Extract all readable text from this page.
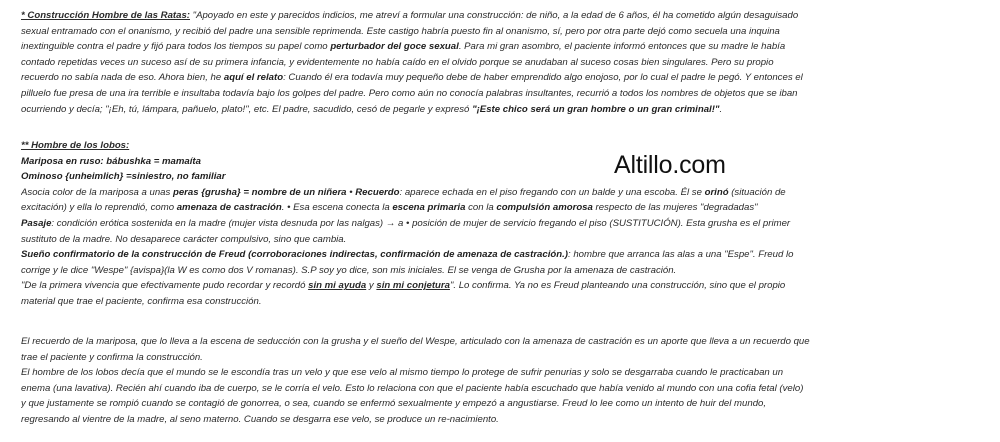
* Construcción Hombre de las Ratas: "Apoyado en este y parecidos indicios, me atreví a formular una construcción: de niño, a la edad de 6 años, él ha cometido algún desaguisado

sexual entramado con el onanismo, y recibió del padre una sensible reprimenda. Este castigo habría puesto fin al onanismo, sí, pero por otra parte dejó como secuela una inquina

inextinguible contra el padre y fijó para todos los tiempos su papel como perturbador del goce sexual. Para mi gran asombro, el paciente informó entonces que su madre le había

contado repetidas veces un suceso así de su primera infancia, y evidentemente no había caído en el olvido porque se anudaban al suceso cosas bien singulares. Pero su propio

recuerdo no sabía nada de eso. Ahora bien, he aquí el relato: Cuando él era todavía muy pequeño debe de haber emprendido algo enojoso, por lo cual el padre le pegó. Y entonces el

pilluelo fue presa de una ira terrible e insultaba todavía bajo los golpes del padre. Pero como aún no conocía palabras insultantes, recurrió a todos los nombres de objetos que se iban

ocurriendo y decía; "¡Eh, tú, lámpara, pañuelo, plato!", etc. El padre, sacudido, cesó de pegarle y expresó "¡Este chico será un gran hombre o un gran criminal!".

** Hombre de los lobos:

Mariposa en ruso: bábushka = mamaíta

Ominoso {unheimlich} =siniestro, no familiar

Asocia color de la mariposa a unas peras {grusha} = nombre de un niñera • Recuerdo: aparece echada en el piso fregando con un balde y una escoba. Él se orinó (situación de

excitación) y ella lo reprendió, como amenaza de castración. • Esa escena conecta la escena primaria con la compulsión amorosa respecto de las mujeres "degradadas"

Pasaje: condición erótica sostenida en la madre (mujer vista desnuda por las nalgas) → a • posición de mujer de servicio fregando el piso (SUSTITUCIÓN). Esta grusha es el primer

sustituto de la madre. No desaparece carácter compulsivo, sino que cambia.

Sueño confirmatorio de la construcción de Freud (corroboraciones indirectas, confirmación de amenaza de castración.): hombre que arranca las alas a una "Espe". Freud lo

corrige y le dice "Wespe" {avispa}(la W es como dos V romanas). S.P soy yo dice, son mis iniciales. El se venga de Grusha por la amenaza de castración.

"De la primera vivencia que efectivamente pudo recordar y recordó sin mi ayuda y sin mi conjetura". Lo confirma. Ya no es Freud planteando una construcción, sino que el propio

material que trae el paciente, confirma esa construcción.

El recuerdo de la mariposa, que lo lleva a la escena de seducción con la grusha y el sueño del Wespe, articulado con la amenaza de castración es un aporte que lleva a un recuerdo que

trae el paciente y confirma la construcción.

El hombre de los lobos decía que el mundo se le escondía tras un velo y que ese velo al mismo tiempo lo protege de sufrir penurias y solo se desgarraba cuando le practicaban un

enema (una lavativa). Recién ahí cuando iba de cuerpo, se le corría el velo. Esto lo relaciona con que el paciente había escuchado que había venido al mundo con una cofia fetal (velo)

y que justamente se rompió cuando se contagió de gonorrea, o sea, cuando se enfermó sexualmente y empezó a angustiarse. Freud lo lee como un intento de huir del mundo,

regresando al vientre de la madre, al seno materno. Cuando se desgarra ese velo, se produce un re-nacimiento.

Altillo.com
